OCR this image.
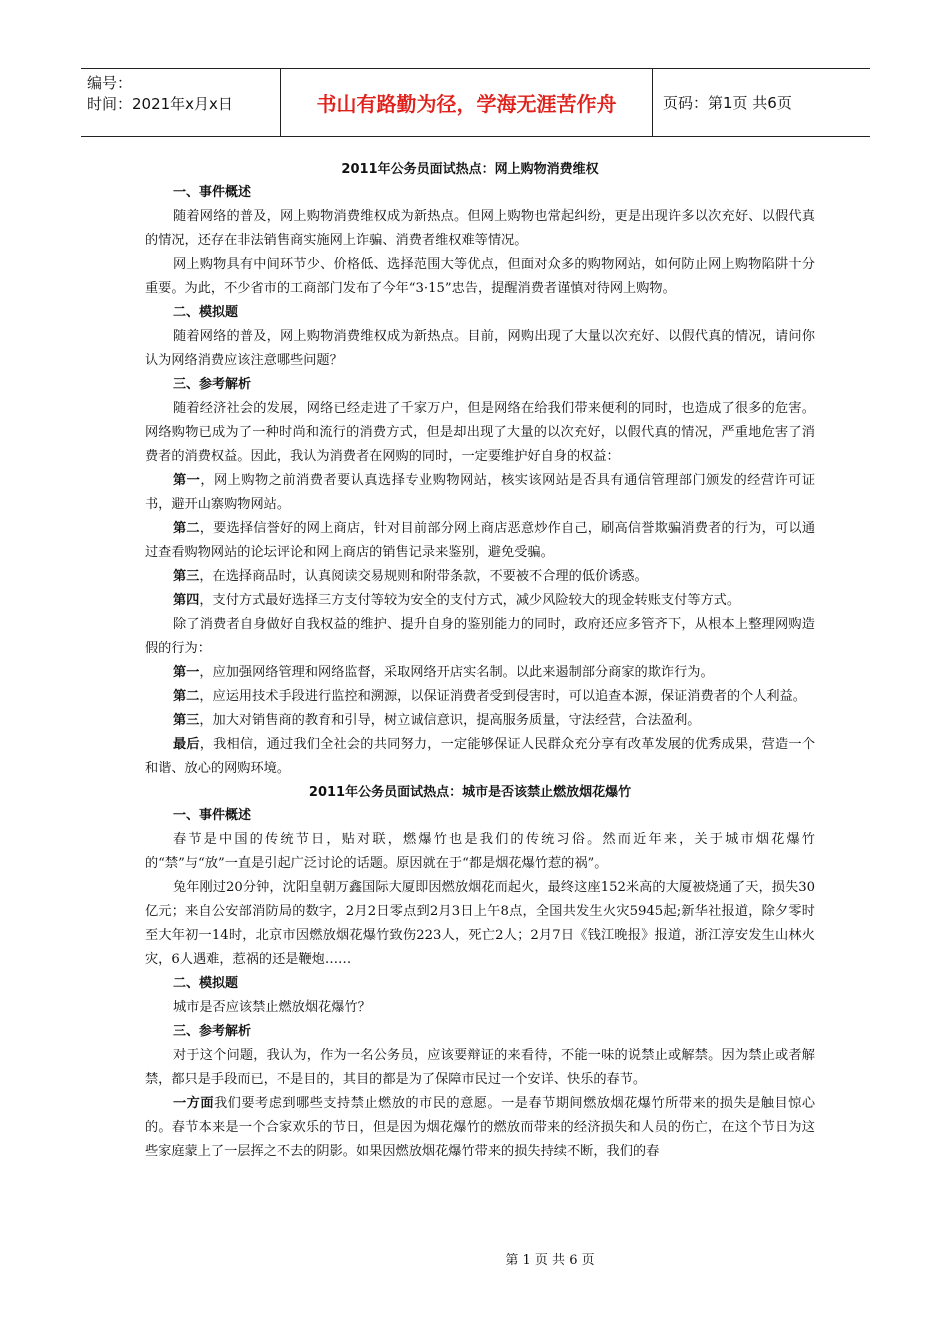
编号：
时间：2021年x月x日	书山有路勤为径，学海无涯苦作舟	页码：第1页 共6页
2011年公务员面试热点：网上购物消费维权
一、事件概述

随着网络的普及，网上购物消费维权成为新热点。但网上购物也常起纠纷，更是出现许多以次充好、以假代真的情况，还存在非法销售商实施网上诈骗、消费者维权难等情况。

网上购物具有中间环节少、价格低、选择范围大等优点，但面对众多的购物网站，如何防止网上购物陷阱十分重要。为此，不少省市的工商部门发布了今年“3·15”忠告，提醒消费者谨慎对待网上购物。

二、模拟题

随着网络的普及，网上购物消费维权成为新热点。目前，网购出现了大量以次充好、以假代真的情况，请问你认为网络消费应该注意哪些问题？

三、参考解析

随着经济社会的发展，网络已经走进了千家万户，但是网络在给我们带来便利的同时，也造成了很多的危害。网络购物已成为了一种时尚和流行的消费方式，但是却出现了大量的以次充好，以假代真的情况，严重地危害了消费者的消费权益。因此，我认为消费者在网购的同时，一定要维护好自身的权益：

第一，网上购物之前消费者要认真选择专业购物网站，核实该网站是否具有通信管理部门颁发的经营许可证书，避开山寨购物网站。

第二，要选择信誉好的网上商店，针对目前部分网上商店恶意炒作自己，刷高信誉欺骗消费者的行为，可以通过查看购物网站的论坛评论和网上商店的销售记录来鉴别，避免受骗。

第三，在选择商品时，认真阅读交易规则和附带条款，不要被不合理的低价诱惑。

第四，支付方式最好选择三方支付等较为安全的支付方式，减少风险较大的现金转账支付等方式。

除了消费者自身做好自我权益的维护、提升自身的鉴别能力的同时，政府还应多管齐下，从根本上整理网购造假的行为：

第一，应加强网络管理和网络监督，采取网络开店实名制。以此来遏制部分商家的欺诈行为。

第二，应运用技术手段进行监控和溯源，以保证消费者受到侵害时，可以追查本源，保证消费者的个人利益。

第三，加大对销售商的教育和引导，树立诚信意识，提高服务质量，守法经营，合法盈利。

最后，我相信，通过我们全社会的共同努力，一定能够保证人民群众充分享有改革发展的优秀成果，营造一个和谐、放心的网购环境。

2011年公务员面试热点：城市是否该禁止燃放烟花爆竹
一、事件概述

春节是中国的传统节日，贴对联，燃爆竹也是我们的传统习俗。然而近年来，关于城市烟花爆竹的“禁”与“放”一直是引起广泛讨论的话题。原因就在于“都是烟花爆竹惹的祸”。

兔年刚过20分钟，沈阳皇朝万鑫国际大厦即因燃放烟花而起火，最终这座152米高的大厦被烧通了天，损失30亿元；来自公安部消防局的数字，2月2日零点到2月3日上午8点，全国共发生火灾5945起;新华社报道，除夕零时至大年初一14时，北京市因燃放烟花爆竹致伤223人，死亡2人；2月7日《钱江晚报》报道，浙江淳安发生山林火灾，6人遇难，惹祸的还是鞭炮……

二、模拟题

城市是否应该禁止燃放烟花爆竹？

三、参考解析

对于这个问题，我认为，作为一名公务员，应该要辩证的来看待，不能一味的说禁止或解禁。因为禁止或者解禁，都只是手段而已，不是目的，其目的都是为了保障市民过一个安详、快乐的春节。

一方面我们要考虑到哪些支持禁止燃放的市民的意愿。一是春节期间燃放烟花爆竹所带来的损失是触目惊心的。春节本来是一个合家欢乐的节日，但是因为烟花爆竹的燃放而带来的经济损失和人员的伤亡，在这个节日为这些家庭蒙上了一层挥之不去的阴影。如果因燃放烟花爆竹带来的损失持续不断，我们的春

第 1 页 共 6 页
